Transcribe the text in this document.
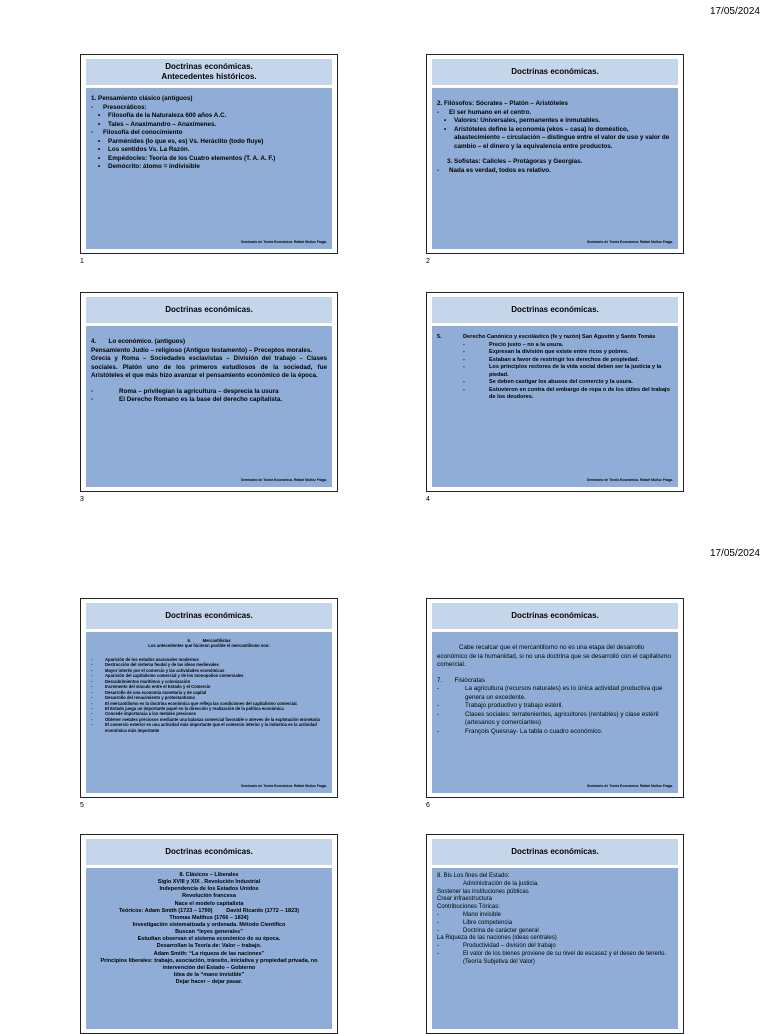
17/05/2024
17/05/2024
Doctrinas económicas.
Antecedentes históricos.
1. Pensamiento clásico (antiguos)
-	Presocráticos:
•	Filosofía de la Naturaleza 600 años A.C.
•	Tales – Anaximandro – Anaxímenes.
-	Filosofía del conocimiento
•	Parménides (lo que es, es) Vs. Heráclito (todo fluye)
•	Los sentidos Vs. La Razón.
•	Empédocles: Teoría de los Cuatro elementos (T. A. A. F.)
•	Demócrito: átomo = indivisible
Seminario de Teoría Económica. Rafael Muñoz Fraga.
1
Doctrinas económicas.
2. Filósofos: Sócrates – Platón – Aristóteles
-	El ser humano en el centro.
•	Valores: Universales, permanentes e inmutables.
•	Aristóteles define la economía (ekos – casa) lo doméstico, abastecimiento – circulación – distingue entre el valor de uso y valor de cambio – el dinero y la equivalencia entre productos.
3. Sofistas: Calicles – Protágoras y Georgias.
-	Nada es verdad, todos es relativo.
Seminario de Teoría Económica. Rafael Muñoz Fraga.
2
Doctrinas económicas.
4.       Lo económico. (antiguos)
Pensamiento Judío – religioso (Antiguo testamento) – Preceptos morales.
Grecia y Roma – Sociedades esclavistas – División del trabajo – Clases sociales. Platón uno de los primeros estudiosos de la sociedad, fue Aristóteles el que más hizo avanzar el pensamiento económico de la época.
-	Roma – privilegian la agricultura – desprecia la usura
-	El Derecho Romano es la base del derecho capitalista.
Seminario de Teoría Económica. Rafael Muñoz Fraga.
3
Doctrinas económicas.
5.	Derecho Canónico y escolástico (fe y razón) San Agustín y Santo Tomás
-	Precio justo – no a la usura.
-	Expresan la división que existe entre ricos y pobres.
-	Estaban a favor de restringir los derechos de propiedad.
-	Los principios rectores de la vida social deben ser la justicia y la piedad.
-	Se deben castigar los abusos del comercio y la usura.
-	Estuvieron en contra del embargo de ropa o de los útiles del trabajo de los deudores.
Seminario de Teoría Económica. Rafael Muñoz Fraga.
4
Doctrinas económicas.
6.	Mercantilistas
Los antecedentes que hicieron posible el mercantilismo son:
-	Aparición de los estados nacionales modernos
-	Destrucción del sistema feudal y de las ideas medievales
-	Mayor interés por el comercio y las actividades económicas
-	Aparición del capitalismo comercial y de los monopolios comerciales
-	Descubrimientos marítimos y colonización
-	Incremento del vínculo entre el Estado y el Comercio
-	Desarrollo de una economía monetaria y de capital
-	Desarrollo del renacimiento y protestantismo
-	El mercantilismo es la doctrina económica que refleja las condiciones del capitalismo comercial.
-	El Estado juega un importante papel en la dirección y realización de la política económica
-	Concede importancia a los metales preciosos
-	Obtener metales preciosos mediante una balanza comercial favorable o atreves de la explotación monetaria
-	El comercio exterior es una actividad más importante que el comercio interior y la industria es la actividad económica más importante
Seminario de Teoría Económica. Rafael Muñoz Fraga.
5
Doctrinas económicas.
Cabe recalcar que el mercantilismo no es una etapa del desarrollo económico de la humanidad, si no una doctrina que se desarrolló con el capitalismo comercial.
7.       Fisiócratas
-	La agricultura (recursos naturales) es lo única actividad productiva que genera un excedente.
-	Trabajo productivo y trabajo estéril.
-	Clases sociales: terratenientes, agricultores (rentables) y clase estéril (artesanos y comerciantes)
-	François Quesnay- La tabla o cuadro económico.
Seminario de Teoría Económica. Rafael Muñoz Fraga.
6
Doctrinas económicas.
8. Clásicos – Liberales
Siglo XVIII y XIX . Revolución Industrial
Independencia de los Estados Unidos
Revolución francesa
Nace el modelo capitalista
Teóricos: Adam Smith (1723 – 1790)         David Ricardo (1772 – 1823)
Thomas Malthus (1766 – 1834)
Investigación sistematizada y ordenada. Método Científico
Buscan “leyes generales”
Estudian observan el sistema económico de su época.
Desarrollan la Teoría de: Valor – trabajo.
Adam Smith: “La riqueza de las naciones”
Principios liberales: trabajo, asociación, tránsito, iniciativa y propiedad privada, no intervención del Estado – Gobierno
Idea de la “mano invisible”
Dejar hacer – dejar pasar.
Doctrinas económicas.
8. Bis Los fines del Estado:
Administración de la justicia.
Sostener las instituciones públicas
Crear infraestructura
Contribuciones Tóricas:
-	Mano invisible
-	Libre competencia
-	Doctrina de carácter general
La Riqueza de las naciones (ideas centrales)
-	Productividad – división del trabajo
-	El valor de los bienes proviene de su nivel de escasez y el deseo de tenerlo. (Teoría Subjetiva del Valor)
